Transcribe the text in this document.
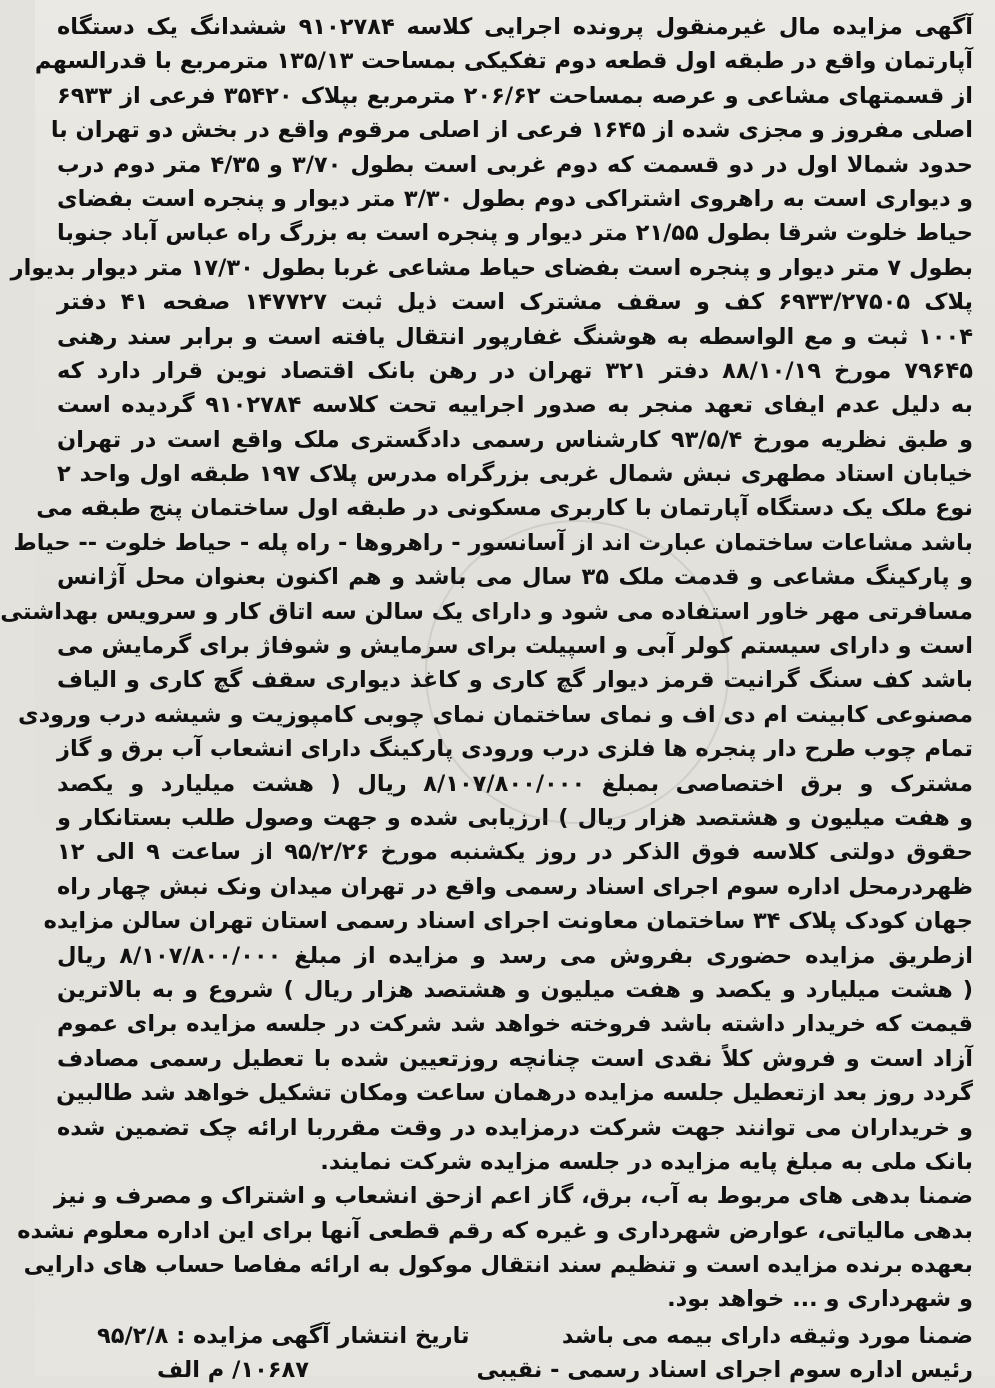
آگهی مزایده مال غیرمنقول پرونده اجرایی کلاسه ۹۱۰۲۷۸۴ ششدانگ یک دستگاه
آپارتمان واقع در طبقه اول قطعه دوم تفکیکی بمساحت ۱۳۵/۱۳ مترمربع با قدرالسهم
از قسمتهای مشاعی و عرصه بمساحت ۲۰۶/۶۲ مترمربع بپلاک ۳۵۴۲۰ فرعی از ۶۹۳۳
اصلی مفروز و مجزی شده از ۱۶۴۵ فرعی از اصلی مرقوم واقع در بخش دو تهران با
حدود شمالا اول در دو قسمت که دوم غربی است بطول ۳/۷۰ و ۴/۳۵ متر دوم درب
و دیواری است به راهروی اشتراکی دوم بطول ۳/۳۰ متر دیوار و پنجره است بفضای
حیاط خلوت شرقا بطول ۲۱/۵۵ متر دیوار و پنجره است به بزرگ راه عباس آباد جنوبا
بطول ۷ متر دیوار و پنجره است بفضای حیاط مشاعی غربا بطول ۱۷/۳۰ متر دیوار بدیوار
پلاک ۶۹۳۳/۲۷۵۰۵ کف و سقف مشترک است ذیل ثبت ۱۴۷۷۲۷ صفحه ۴۱ دفتر
۱۰۰۴ ثبت و مع الواسطه به هوشنگ غفارپور انتقال یافته است و برابر سند رهنی
۷۹۶۴۵ مورخ ۸۸/۱۰/۱۹ دفتر ۳۲۱ تهران در رهن بانک اقتصاد نوین قرار دارد که
به دلیل عدم ایفای تعهد منجر به صدور اجراییه تحت کلاسه ۹۱۰۲۷۸۴ گردیده است
و طبق نظریه مورخ ۹۳/۵/۴ کارشناس رسمی دادگستری ملک واقع است در تهران
خیابان استاد مطهری نبش شمال غربی بزرگراه مدرس پلاک ۱۹۷ طبقه اول واحد ۲
نوع ملک یک دستگاه آپارتمان با کاربری مسکونی در طبقه اول ساختمان پنج طبقه می
باشد مشاعات ساختمان عبارت اند از آسانسور - راهروها - راه پله - حیاط خلوت -- حیاط
و پارکینگ مشاعی و قدمت ملک ۳۵ سال می باشد و هم اکنون بعنوان محل آژانس
مسافرتی مهر خاور استفاده می شود و دارای یک سالن سه اتاق کار و سرویس بهداشتی
است و دارای سیستم کولر آبی و اسپیلت برای سرمایش و شوفاژ برای گرمایش می
باشد کف سنگ گرانیت قرمز دیوار گچ کاری و کاغذ دیواری سقف گچ کاری و الیاف
مصنوعی کابینت ام دی اف و نمای ساختمان نمای چوبی کامپوزیت و شیشه درب ورودی
تمام چوب طرح دار پنجره ها فلزی درب ورودی پارکینگ دارای انشعاب آب برق و گاز
مشترک و برق اختصاصی بمبلغ ۸/۱۰۷/۸۰۰/۰۰۰ ریال ( هشت میلیارد و یکصد
و هفت میلیون و هشتصد هزار ریال ) ارزیابی شده و جهت وصول طلب بستانکار و
حقوق دولتی کلاسه فوق الذکر در روز یکشنبه مورخ ۹۵/۲/۲۶ از ساعت ۹ الی ۱۲
ظهردرمحل اداره سوم اجرای اسناد رسمی واقع در تهران میدان ونک نبش چهار راه
جهان کودک پلاک ۳۴ ساختمان معاونت اجرای اسناد رسمی استان تهران سالن مزایده
ازطریق مزایده حضوری بفروش می رسد و مزایده از مبلغ ۸/۱۰۷/۸۰۰/۰۰۰ ریال
( هشت میلیارد و یکصد و هفت میلیون و هشتصد هزار ریال ) شروع و به بالاترین
قیمت که خریدار داشته باشد فروخته خواهد شد شرکت در جلسه مزایده برای عموم
آزاد است و فروش کلاً نقدی است چنانچه روزتعیین شده با تعطیل رسمی مصادف
گردد روز بعد ازتعطیل جلسه مزایده درهمان ساعت ومکان تشکیل خواهد شد طالبین
و خریداران می توانند جهت شرکت درمزایده در وقت مقرربا ارائه چک تضمین شده
بانک ملی به مبلغ پایه مزایده در جلسه مزایده شرکت نمایند.
ضمنا بدهی های مربوط به آب، برق، گاز اعم ازحق انشعاب و اشتراک و مصرف و نیز
بدهی مالیاتی، عوارض شهرداری و غیره که رقم قطعی آنها برای این اداره معلوم نشده
بعهده برنده مزایده است و تنظیم سند انتقال موکول به ارائه مفاصا حساب های دارایی
و شهرداری و ... خواهد بود.
ضمنا مورد وثیقه دارای بیمه می باشد
تاریخ انتشار آگهی مزایده : ۹۵/۲/۸
رئیس اداره سوم اجرای اسناد رسمی - نقیبی
۱۰۶۸۷/ م الف
